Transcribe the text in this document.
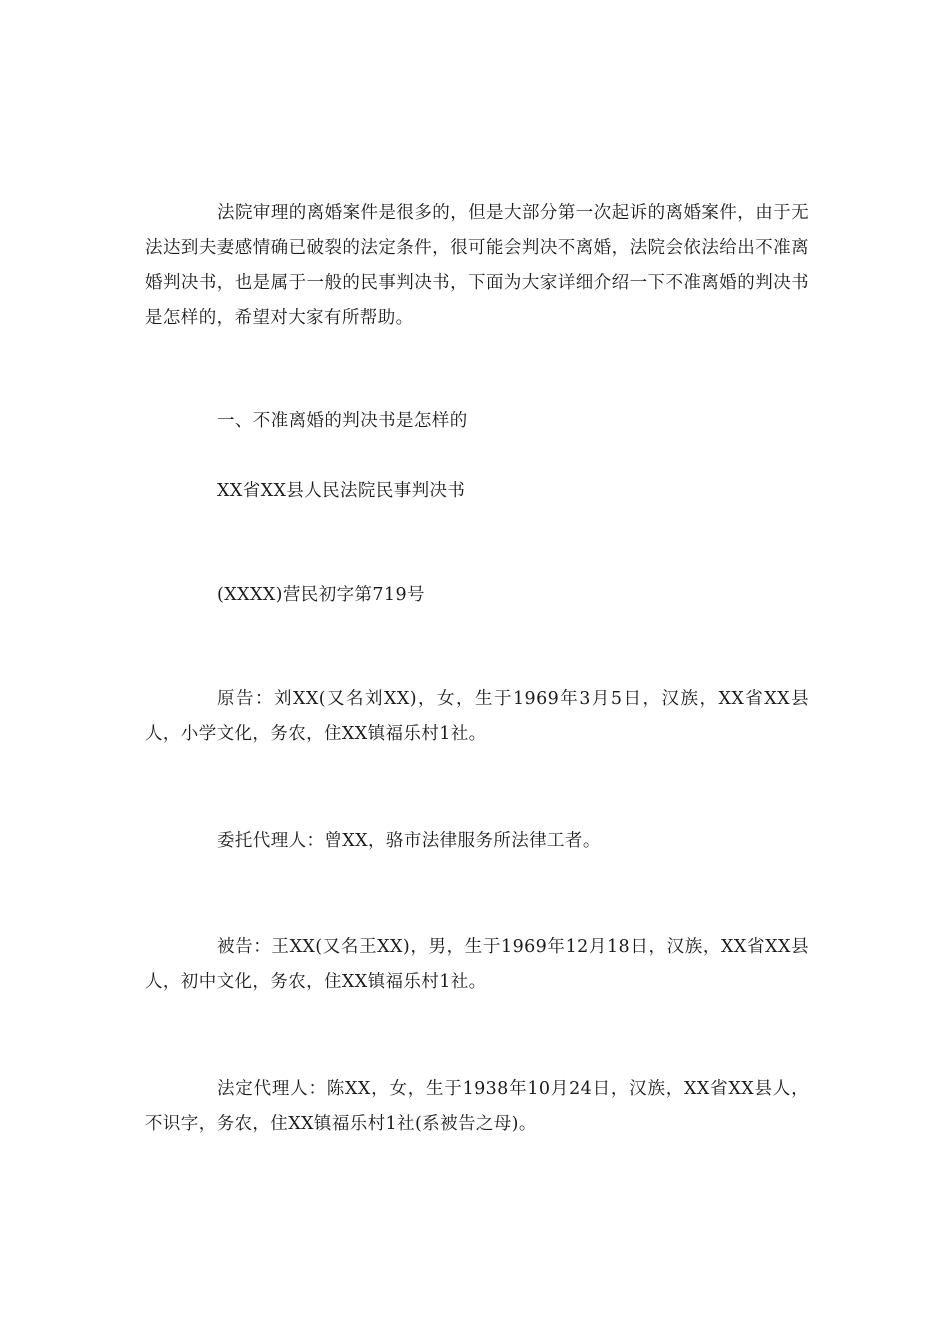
法院审理的离婚案件是很多的，但是大部分第一次起诉的离婚案件，由于无法达到夫妻感情确已破裂的法定条件，很可能会判决不离婚，法院会依法给出不准离婚判决书，也是属于一般的民事判决书，下面为大家详细介绍一下不准离婚的判决书是怎样的，希望对大家有所帮助。

一、不准离婚的判决书是怎样的

XX省XX县人民法院民事判决书

(XXXX)营民初字第719号

原告：刘XX(又名刘XX)，女，生于1969年3月5日，汉族，XX省XX县人，小学文化，务农，住XX镇福乐村1社。

委托代理人：曾XX，骆市法律服务所法律工者。

被告：王XX(又名王XX)，男，生于1969年12月18日，汉族，XX省XX县人，初中文化，务农，住XX镇福乐村1社。

法定代理人：陈XX，女，生于1938年10月24日，汉族，XX省XX县人，不识字，务农，住XX镇福乐村1社(系被告之母)。
